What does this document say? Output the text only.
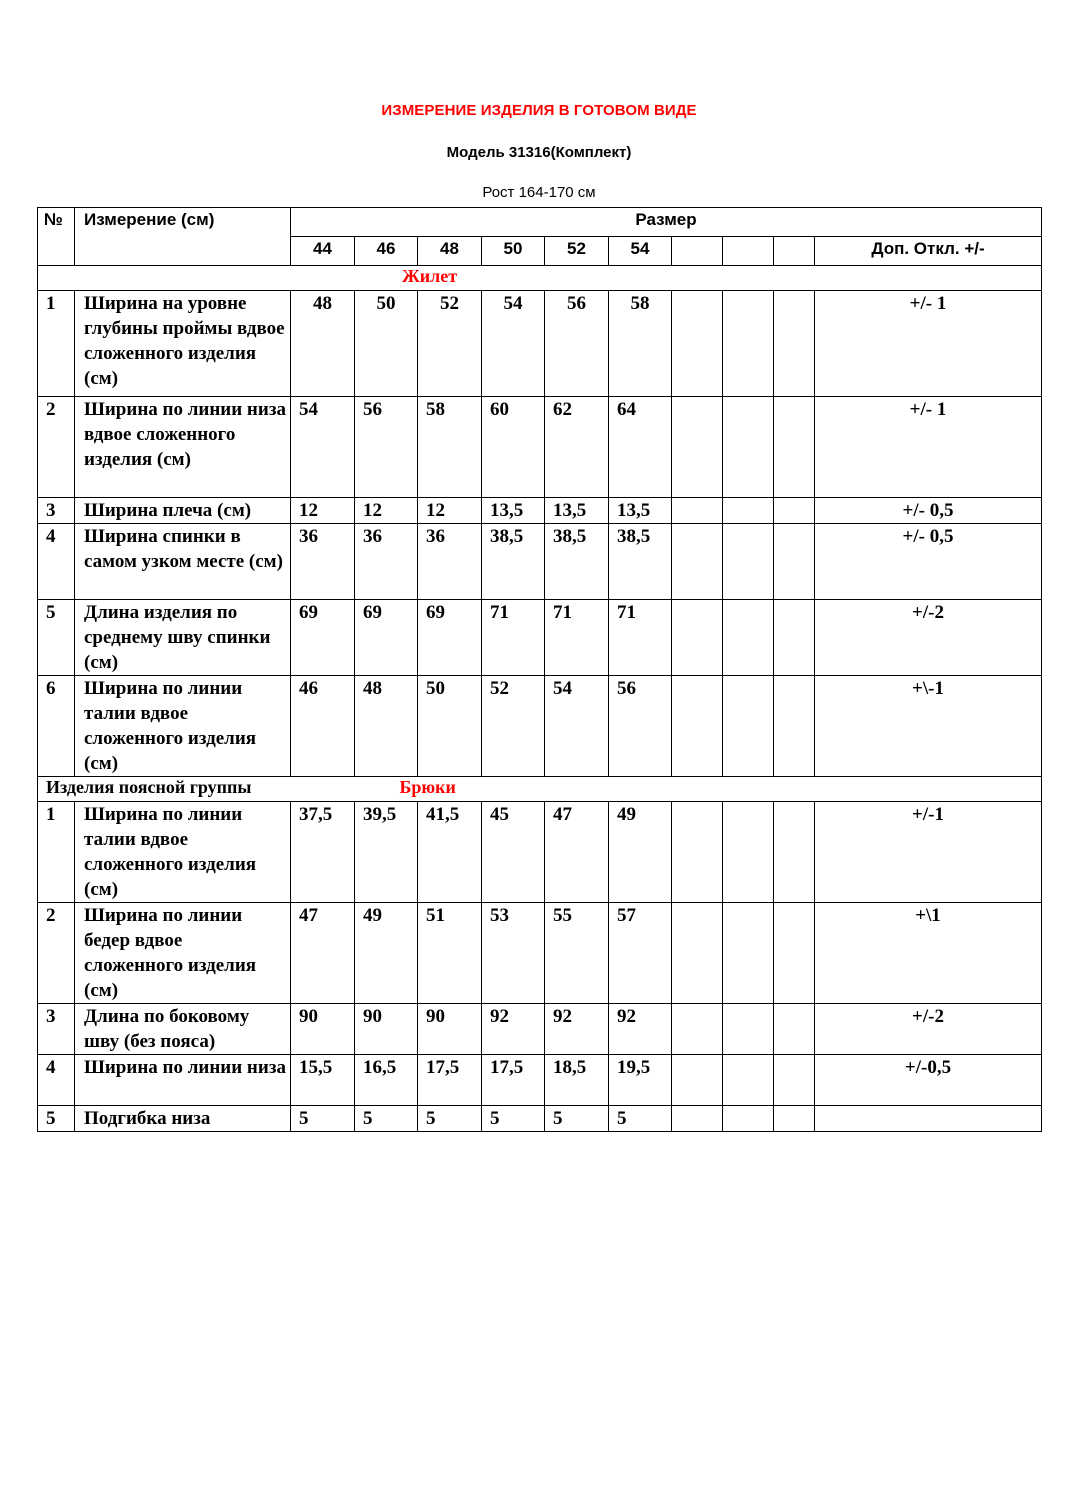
ИЗМЕРЕНИЕ ИЗДЕЛИЯ В ГОТОВОМ ВИДЕ
Модель 31316(Комплект)
Рост 164-170 см
№	Измерение (см)	Размер									
		44	46	48	50	52	54				Доп. Откл. +/-
Жилет											
1	Ширина на уровне глубины проймы вдвое сложенного изделия (см)	48	50	52	54	56	58				+/- 1
2	Ширина по линии низа вдвое сложенного изделия (см)	54	56	58	60	62	64				+/- 1
3	Ширина плеча (см)	12	12	12	13,5	13,5	13,5				+/- 0,5
4	Ширина спинки в самом узком месте (см)	36	36	36	38,5	38,5	38,5				+/- 0,5
5	Длина изделия по среднему шву спинки (см)	69	69	69	71	71	71				+/-2
6	Ширина по линии талии вдвое сложенного изделия (см)	46	48	50	52	54	56				+\-1
Изделия поясной группы			Брюки								
1	Ширина по линии талии вдвое сложенного изделия (см)	37,5	39,5	41,5	45	47	49				+/-1
2	Ширина по линии бедер вдвое сложенного изделия (см)	47	49	51	53	55	57				+\1
3	Длина по боковому шву (без пояса)	90	90	90	92	92	92				+/-2
4	Ширина по линии низа	15,5	16,5	17,5	17,5	18,5	19,5				+/-0,5
5	Подгибка низа	5	5	5	5	5	5				
